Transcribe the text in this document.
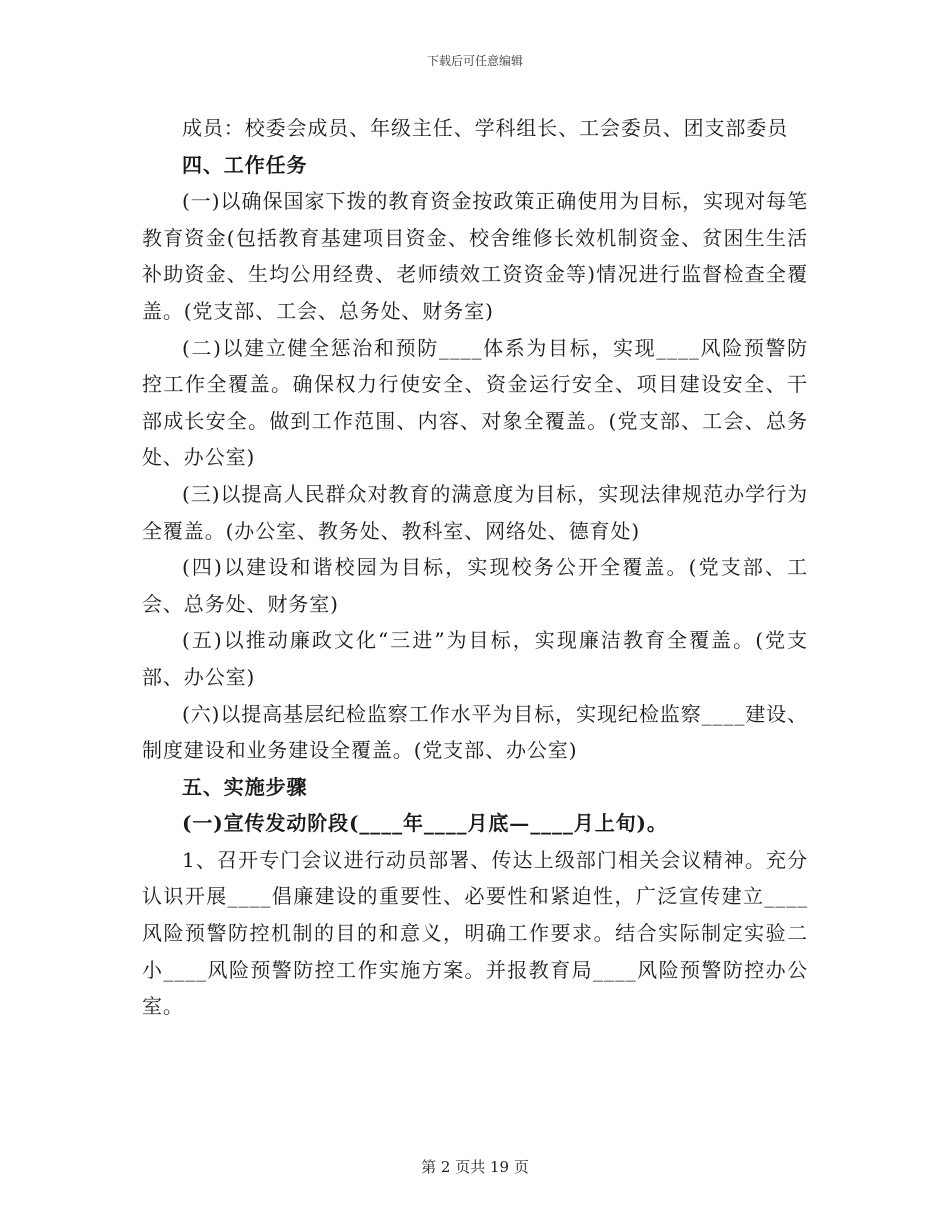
下载后可任意编辑

成员：校委会成员、年级主任、学科组长、工会委员、团支部委员

四、工作任务

(一)以确保国家下拨的教育资金按政策正确使用为目标，实现对每笔教育资金(包括教育基建项目资金、校舍维修长效机制资金、贫困生生活补助资金、生均公用经费、老师绩效工资资金等)情况进行监督检查全覆盖。(党支部、工会、总务处、财务室)

(二)以建立健全惩治和预防____体系为目标，实现____风险预警防控工作全覆盖。确保权力行使安全、资金运行安全、项目建设安全、干部成长安全。做到工作范围、内容、对象全覆盖。(党支部、工会、总务处、办公室)

(三)以提高人民群众对教育的满意度为目标，实现法律规范办学行为全覆盖。(办公室、教务处、教科室、网络处、德育处)

(四)以建设和谐校园为目标，实现校务公开全覆盖。(党支部、工会、总务处、财务室)

(五)以推动廉政文化“三进”为目标，实现廉洁教育全覆盖。(党支部、办公室)

(六)以提高基层纪检监察工作水平为目标，实现纪检监察____建设、制度建设和业务建设全覆盖。(党支部、办公室)

五、实施步骤

(一)宣传发动阶段(____年____月底—____月上旬)。

1、召开专门会议进行动员部署、传达上级部门相关会议精神。充分认识开展____倡廉建设的重要性、必要性和紧迫性，广泛宣传建立____风险预警防控机制的目的和意义，明确工作要求。结合实际制定实验二小____风险预警防控工作实施方案。并报教育局____风险预警防控办公室。

第 2 页共 19 页
